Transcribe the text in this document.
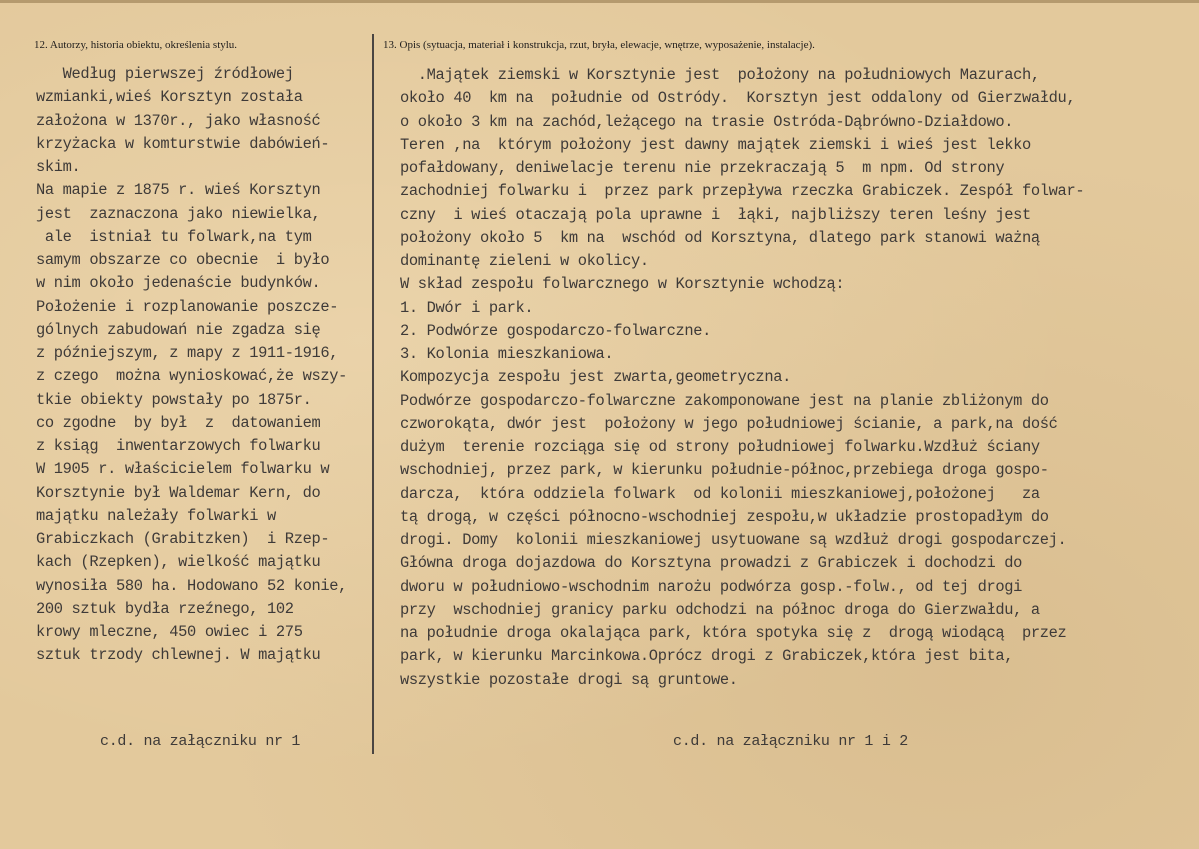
12. Autorzy, historia obiektu, określenia stylu.	13. Opis (sytuacja, materiał i konstrukcja, rzut, bryła, elewacje, wnętrze, wyposażenie, instalacje).
Według pierwszej źródłowej
wzmianki,wieś Korsztyn została
założona w 1370r., jako własność
krzyżacka w komturstwie dabówień-
skim.
Na mapie z 1875 r. wieś Korsztyn
jest  zaznaczona jako niewielka,
ale  istniał tu folwark,na tym
samym obszarze co obecnie  i było
w nim około jedenaście budynków.
Położenie i rozplanowanie poszcze-
gólnych zabudowań nie zgadza się
z późniejszym, z mapy z 1911-1916,
z czego  można wynioskować,że wszy-
tkie obiekty powstały po 1875r.
co zgodne  by był  z  datowaniem
z ksiąg  inwentarzowych folwarku
W 1905 r. właścicielem folwarku w
Korsztynie był Waldemar Kern, do
majątku należały folwarki w
Grabiczkach (Grabitzken)  i Rzep-
kach (Rzepken), wielkość majątku
wynosiła 580 ha. Hodowano 52 konie,
200 sztuk bydła rzeźnego, 102
krowy mleczne, 450 owiec i 275
sztuk trzody chlewnej. W majątku
.Majątek ziemski w Korsztynie jest  położony na południowych Mazurach,
około 40  km na  południe od Ostródy.  Korsztyn jest oddalony od Gierzwałdu,
o około 3 km na zachód,leżącego na trasie Ostróda-Dąbrówno-Działdowo.
Teren ,na  którym położony jest dawny majątek ziemski i wieś jest lekko
pofałdowany, deniwelacje terenu nie przekraczają 5  m npm. Od strony
zachodniej folwarku i  przez park przepływa rzeczka Grabiczek. Zespół folwar-
czny  i wieś otaczają pola uprawne i  łąki, najbliższy teren leśny jest
położony około 5  km na  wschód od Korsztyna, dlatego park stanowi ważną
dominantę zieleni w okolicy.
W skład zespołu folwarcznego w Korsztynie wchodzą:
1. Dwór i park.
2. Podwórze gospodarczo-folwarczne.
3. Kolonia mieszkaniowa.
Kompozycja zespołu jest zwarta,geometryczna.
Podwórze gospodarczo-folwarczne zakomponowane jest na planie zbliżonym do
czworokąta, dwór jest  położony w jego południowej ścianie, a park,na dość
dużym  terenie rozciąga się od strony południowej folwarku.Wzdłuż ściany
wschodniej, przez park, w kierunku południe-północ,przebiega droga gospo-
darcza,  która oddziela folwark  od kolonii mieszkaniowej,położonej   za
tą drogą, w części północno-wschodniej zespołu,w układzie prostopadłym do
drogi. Domy  kolonii mieszkaniowej usytuowane są wzdłuż drogi gospodarczej.
Główna droga dojazdowa do Korsztyna prowadzi z Grabiczek i dochodzi do
dworu w południowo-wschodnim narożu podwórza gosp.-folw., od tej drogi
przy  wschodniej granicy parku odchodzi na północ droga do Gierzwałdu, a
na południe droga okalająca park, która spotyka się z  drogą wiodącą  przez
park, w kierunku Marcinkowa.Oprócz drogi z Grabiczek,która jest bita,
wszystkie pozostałe drogi są gruntowe.
c.d. na załączniku nr 1	c.d. na załączniku nr 1 i 2
